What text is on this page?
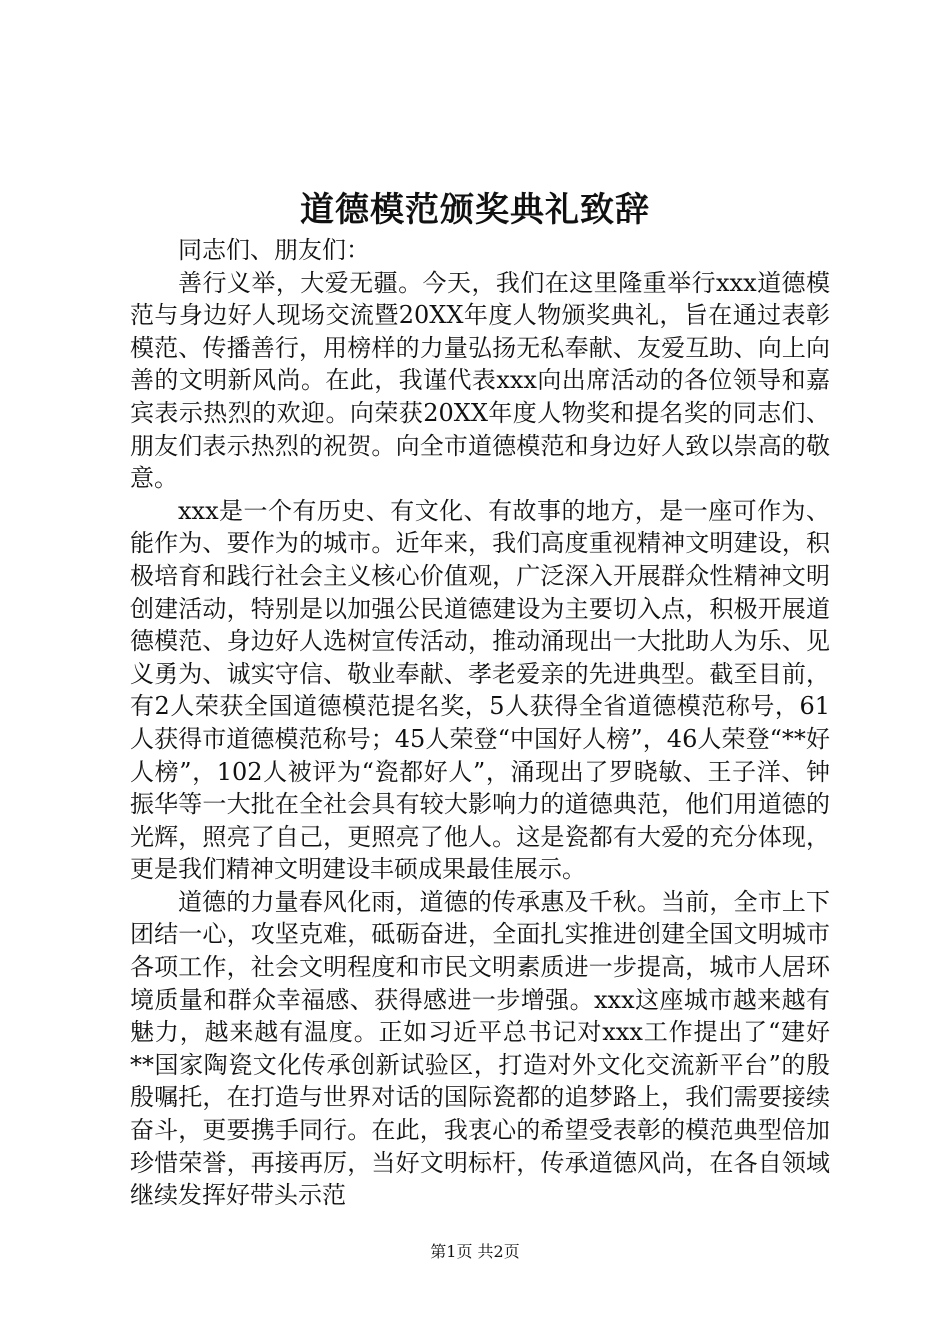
道德模范颁奖典礼致辞

同志们、朋友们：

善行义举，大爱无疆。今天，我们在这里隆重举行xxx道德模范与身边好人现场交流暨20XX年度人物颁奖典礼，旨在通过表彰模范、传播善行，用榜样的力量弘扬无私奉献、友爱互助、向上向善的文明新风尚。在此，我谨代表xxx向出席活动的各位领导和嘉宾表示热烈的欢迎。向荣获20XX年度人物奖和提名奖的同志们、朋友们表示热烈的祝贺。向全市道德模范和身边好人致以崇高的敬意。

xxx是一个有历史、有文化、有故事的地方，是一座可作为、能作为、要作为的城市。近年来，我们高度重视精神文明建设，积极培育和践行社会主义核心价值观，广泛深入开展群众性精神文明创建活动，特别是以加强公民道德建设为主要切入点，积极开展道德模范、身边好人选树宣传活动，推动涌现出一大批助人为乐、见义勇为、诚实守信、敬业奉献、孝老爱亲的先进典型。截至目前，有2人荣获全国道德模范提名奖，5人获得全省道德模范称号，61人获得市道德模范称号；45人荣登“中国好人榜”，46人荣登“**好人榜”，102人被评为“瓷都好人”，涌现出了罗晓敏、王子洋、钟振华等一大批在全社会具有较大影响力的道德典范，他们用道德的光辉，照亮了自己，更照亮了他人。这是瓷都有大爱的充分体现，更是我们精神文明建设丰硕成果最佳展示。

道德的力量春风化雨，道德的传承惠及千秋。当前，全市上下团结一心，攻坚克难，砥砺奋进，全面扎实推进创建全国文明城市各项工作，社会文明程度和市民文明素质进一步提高，城市人居环境质量和群众幸福感、获得感进一步增强。xxx这座城市越来越有魅力，越来越有温度。正如习近平总书记对xxx工作提出了“建好**国家陶瓷文化传承创新试验区，打造对外文化交流新平台”的殷殷嘱托，在打造与世界对话的国际瓷都的追梦路上，我们需要接续奋斗，更要携手同行。在此，我衷心的希望受表彰的模范典型倍加珍惜荣誉，再接再厉，当好文明标杆，传承道德风尚，在各自领域继续发挥好带头示范

第1页 共2页
